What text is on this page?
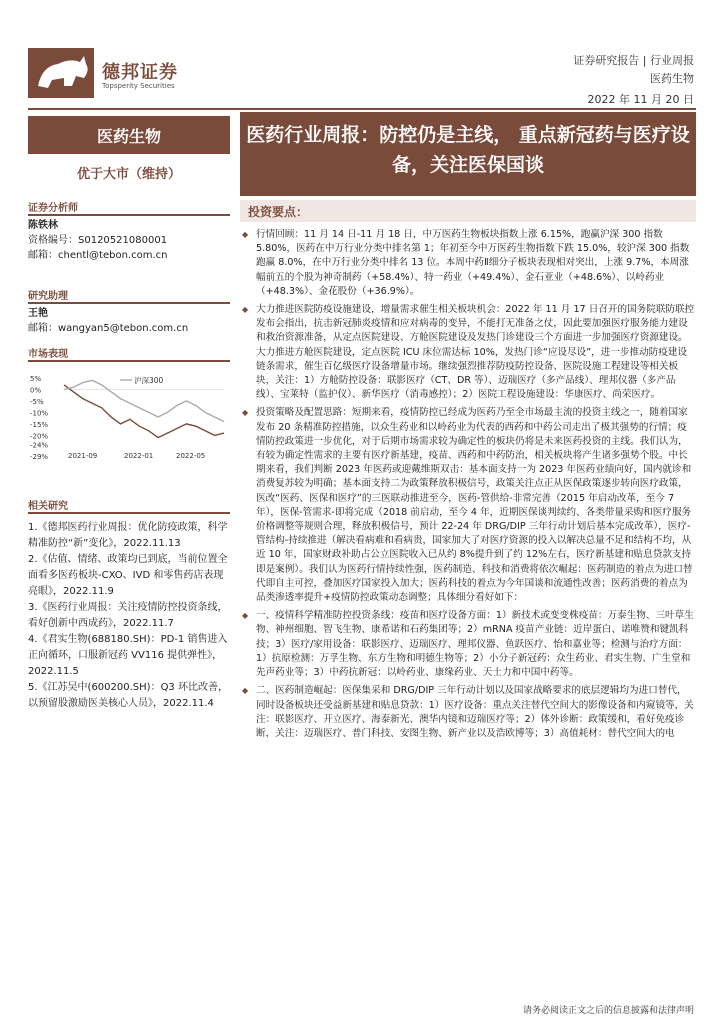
德邦证券
Topsperity Securities
证券研究报告 | 行业周报
医药生物
2022 年 11 月 20 日
医药生物
优于大市（维持）
证券分析师
陈铁林
资格编号：S0120521080001
邮箱：chentl@tebon.com.cn
研究助理
王艳
邮箱：wangyan5@tebon.com.cn
市场表现
5%
0%
-5%
-10%
-15%
-20%
-24%
-29%	2021-09	2022-01	2022-05
沪深300
相关研究
1.《德邦医药行业周报：优化防疫政策，科学精准防控“新”变化》，2022.11.13
2.《估值、情绪、政策均已到底，当前位置全面看多医药板块-CXO、IVD 和零售药店表现亮眼》，2022.11.9
3.《医药行业周报：关注疫情防控投资条线，看好创新中西成药》，2022.11.7
4.《君实生物(688180.SH)：PD-1 销售进入正向循环，口服新冠药 VV116 提供弹性》，2022.11.5
5.《江苏吴中(600200.SH)：Q3 环比改善，以预留股激励医美核心人员》，2022.11.4
医药行业周报：防控仍是主线， 重点新冠药与医疗设备，关注医保国谈
投资要点：

◆ 行情回顾：11 月 14 日-11 月 18 日，中万医药生物板块指数上涨 6.15%，跑赢沪深 300 指数 5.80%，医药在中万行业分类中排名第 1；年初至今中万医药生物指数下跌 15.0%，较沪深 300 指数跑赢 8.0%，在中万行业分类中排名 13 位。本周中药Ⅱ细分子板块表现相对突出，上涨 9.7%，本周涨幅前五的个股为神奇制药（+58.4%）、特一药业（+49.4%）、金石亚业（+48.6%）、以岭药业（+48.3%）、金花股份（+36.9%）。

◆ 大力推进医院防疫设施建设，增量需求催生相关板块机会：2022 年 11 月 17 日召开的国务院联防联控发布会指出，抗击新冠肺炎疫情和应对病毒的变异，不能打无准备之仗，因此要加强医疗服务能力建设和救治资源准备，从定点医院建设、方舱医院建设及发热门诊建设三个方面进一步加强医疗资源建设。大力推进方舱医院建设，定点医院 ICU 床位需达标 10%，发热门诊“应设尽设”，进一步推动防疫建设链条需求，催生百亿级医疗设备增量市场。继续强烈推荐防疫防控设备、医院设施工程建设等相关板块，关注：1）方舱防控设备：联影医疗（CT、DR 等）、迈瑞医疗（多产品线）、理邦仪器（多产品线）、宝莱特（监护仪）、新华医疗（消毒感控）；2）医院工程设施建设：华康医疗、尚荣医疗。

◆ 投资策略及配置思路：短期来看，疫情防控已经成为医药乃至全市场最主流的投资主线之一，随着国家发布 20 条精准防控措施，以众生药业和以岭药业为代表的西药和中药公司走出了极其强势的行情；疫情防控政策进一步优化，对于后期市场需求较为确定性的板块仍将是未来医药投资的主线。我们认为，有较为确定性需求的主要有医疗新基建，疫苗、西药和中药防治，相关板块将产生诸多强势个股。中长期来看，我们判断 2023 年医药或迎戴维斯双击：基本面支持一为 2023 年医药业绩向好，国内就诊和消费复苏较为明确；基本面支持二为政策释放积极信号，政策关注点正从医保政策逐步转向医疗政策，医改“医药、医保和医疗”的三医联动推进至今，医药-管供给-非常完善（2015 年启动改革，至今 7 年），医保-管需求-即将完成（2018 前启动，至今 4 年，近期医保谈判续约、各类带量采购和医疗服务价格调整等规则合理，释放积极信号，预计 22-24 年 DRG/DIP 三年行动计划后基本完成改革），医疗-管结构-持续推进（解决看病难和看病贵，国家加大了对医疗资源的投入以解决总量不足和结构不均，从近 10 年，国家财政补助占公立医院收入已从约 8%提升到了约 12%左右，医疗新基建和贴息贷款支持即是案例）。我们认为医药行情持续性强，医药制造、科技和消费将依次崛起：医药制造的着点为进口替代即自主可控，叠加医疗国家投入加大；医药科技的着点为今年国谈和流通性改善；医药消费的着点为品类渗透率提升+疫情防控政策动态调整；具体细分看好如下：

◆ 一、疫情科学精准防控投资条线：疫苗和医疗设备方面：1）新技术或变变株疫苗：万泰生物、三叶草生物、神州细胞、智飞生物、康希诺和石药集团等；2）mRNA 疫苗产业链：近岸蛋白、诺唯赞和键凯科技；3）医疗/家用设备：联影医疗、迈瑞医疗、理邦仪器、鱼跃医疗、怡和嘉业等；检测与治疗方面：1）抗原检测：万孚生物、东方生物和明德生物等；2）小分子新冠药：众生药业、君实生物、广生堂和先声药业等；3）中药抗新冠：以岭药业、康缘药业、天士力和中国中药等。

◆ 二、医药制造崛起：医保集采和 DRG/DIP 三年行动计划以及国家战略要求的底层逻辑均为进口替代，同时设备板块还受益新基建和贴息贷款：1）医疗设备：重点关注替代空间大的影像设备和内窥镜等，关注：联影医疗、开立医疗、海泰新光、澳华内镜和迈瑞医疗等；2）体外诊断：政策缓和，看好免疫诊断，关注：迈瑞医疗、普门科技、安图生物、新产业以及浩欧博等；3）高值耗材：替代空间大的电

请务必阅读正文之后的信息披露和法律声明
